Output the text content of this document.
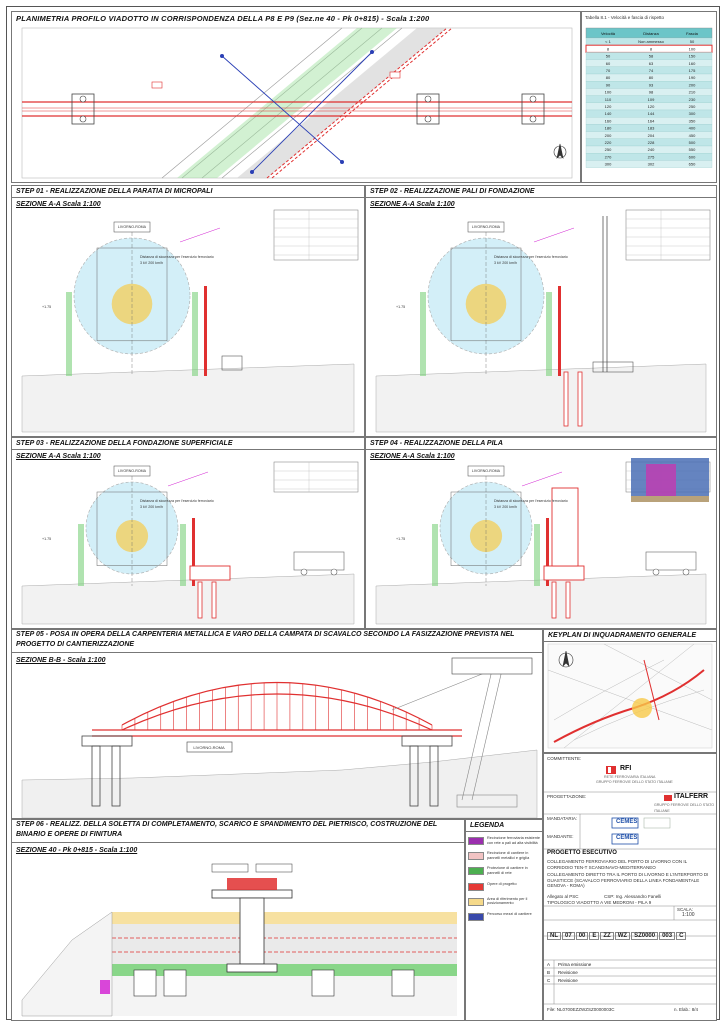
PLANIMETRIA PROFILO VIADOTTO IN CORRISPONDENZA DELLA P8 E P9 (Sez.ne 40 - Pk 0+815) - Scala 1:200	Tabella 8.1 - Velocità e fascia di rispetto
Velocità	Distanza	Fascia
< 1	Non ammesso	50
8	8	100
50	58	150
60	63	160
70	74	175
80	80	190
90	93	200
100	98	210
110	109	230
120	120	250
140	144	300
160	164	350
180	183	400
200	204	450
220	228	500
250	240	550
270	275	600
300	302	650
STEP 01 - REALIZZAZIONE DELLA PARATIA DI MICROPALI
SEZIONE A-A Scala 1:100
LIVORNO-ROMA
Distanza di sicurezza per l'esercizio ferroviario
3 kV 200 km/h
+1.75
STEP 02 - REALIZZAZIONE PALI DI FONDAZIONE
SEZIONE A-A Scala 1:100
LIVORNO-ROMA
Distanza di sicurezza per l'esercizio ferroviario
3 kV 200 km/h
+1.75
STEP 03 - REALIZZAZIONE DELLA FONDAZIONE SUPERFICIALE
SEZIONE A-A Scala 1:100
LIVORNO-ROMA
Distanza di sicurezza per l'esercizio ferroviario
3 kV 200 km/h
+1.75
STEP 04 - REALIZZAZIONE DELLA PILA
SEZIONE A-A Scala 1:100
LIVORNO-ROMA
Distanza di sicurezza per l'esercizio ferroviario
3 kV 200 km/h
+1.75
STEP 05 - POSA IN OPERA DELLA CARPENTERIA METALLICA E VARO DELLA CAMPATA DI SCAVALCO SECONDO LA FASIZZAZIONE PREVISTA NEL PROGETTO DI CANTIERIZZAZIONE
SEZIONE B-B - Scala 1:100
LIVORNO-ROMA
KEYPLAN DI INQUADRAMENTO GENERALE
COMMITTENTE:
RFI
RETE FERROVIARIA ITALIANA
GRUPPO FERROVIE DELLO STATO ITALIANE
ITALFERR
GRUPPO FERROVIE DELLO STATO ITALIANE
PROGETTAZIONE:
MANDATARIA:
MANDANTE:
CEMES
CEMES
PROGETTO ESECUTIVO
COLLEGAMENTO FERROVIARIO DEL PORTO DI LIVORNO CON IL CORRIDOIO TEN-T SCANDINAVO-MEDITERRANEO
COLLEGAMENTO DIRETTO TRA IL PORTO DI LIVORNO E L'INTERPORTO DI GUASTICCE (SCAVALCO FERROVIARIO DELLA LINEA FONDAMENTALE GENOVA - ROMA)
Allegato al PSC	CSP: Ing. Alessandro Fanelli
TIPOLOGICO VIADOTTO A VIE MEDRONI - PILA 9
SCALA:
1:100
NL 07 00 E ZZ WZ SZ0000 003 C
A Prima emissione
B Revisione
C Revisione
File: NL0700EZZWZSZ0000003C	n. Elab.: 8/4
STEP 06 - REALIZZ. DELLA SOLETTA DI COMPLETAMENTO, SCARICO E SPANDIMENTO DEL PIETRISCO, COSTRUZIONE DEL BINARIO E OPERE DI FINITURA
SEZIONE 40 - Pk 0+815 - Scala 1:100
LEGENDA
Recinzione ferroviaria esistente con rete a pali ad alta visibilità
Recinzione di cantiere in pannelli metallici e griglia
Protezione di cantiere in pannelli di rete
Opere di progetto
Area di riferimento per il posizionamento
Percorso mezzi di cantiere
